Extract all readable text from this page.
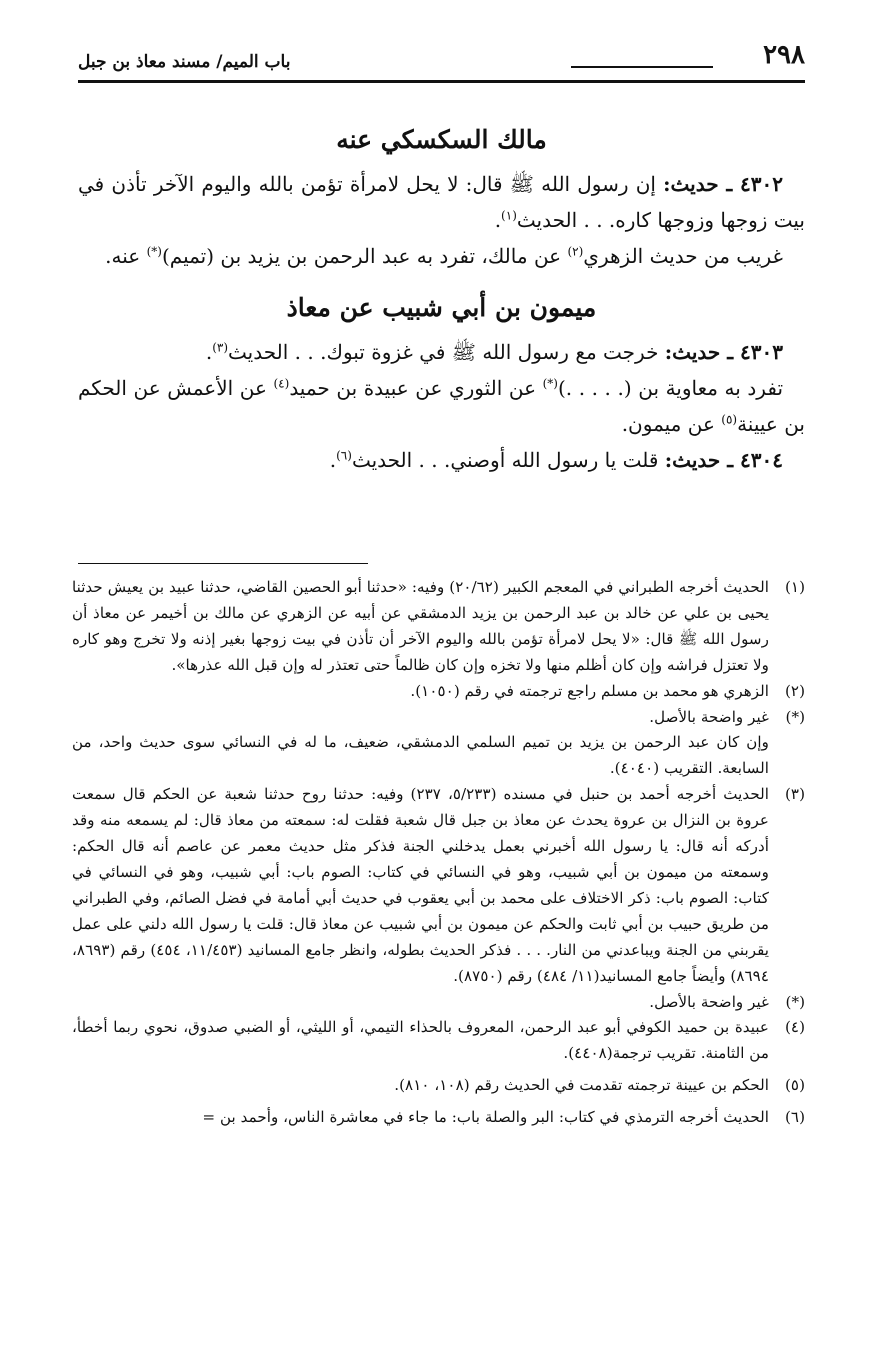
٢٩٨
باب الميم/ مسند معاذ بن جبل
مالك السكسكي عنه

٤٣٠٢ ـ حديث: إن رسول الله ﷺ قال: لا يحل لامرأة تؤمن بالله واليوم الآخر تأذن في بيت زوجها وزوجها كاره. . . الحديث$^{(١)}$.

غريب من حديث الزهري$^{(٢)}$ عن مالك، تفرد به عبد الرحمن بن يزيد بن (تميم)(*) عنه.

ميمون بن أبي شبيب عن معاذ

٤٣٠٣ ـ حديث: خرجت مع رسول الله ﷺ في غزوة تبوك. . . الحديث$^{(٣)}$.

تفرد به معاوية بن (. . . . .)(*) عن الثوري عن عبيدة بن حميد$^{(٤)}$ عن الأعمش عن الحكم بن عيينة$^{(٥)}$ عن ميمون.

٤٣٠٤ ـ حديث: قلت يا رسول الله أوصني. . . الحديث$^{(٦)}$.

(١)

الحديث أخرجه الطبراني في المعجم الكبير (٢٠/٦٢) وفيه: «حدثنا أبو الحصين القاضي، حدثنا عبيد بن يعيش حدثنا يحيى بن علي عن خالد بن عبد الرحمن بن يزيد الدمشقي عن أبيه عن الزهري عن مالك بن أخيمر عن معاذ أن رسول الله ﷺ قال: «لا يحل لامرأة تؤمن بالله واليوم الآخر أن تأذن في بيت زوجها بغير إذنه ولا تخرج وهو كاره ولا تعتزل فراشه وإن كان أظلم منها ولا تخزه وإن كان ظالماً حتى تعتذر له وإن قبل الله عذرها».

(٢)

الزهري هو محمد بن مسلم راجع ترجمته في رقم (١٠٥٠).

(*)

غير واضحة بالأصل.

وإن كان عبد الرحمن بن يزيد بن تميم السلمي الدمشقي، ضعيف، ما له في النسائي سوى حديث واحد، من السابعة. التقريب (٤٠٤٠).

(٣)

الحديث أخرجه أحمد بن حنبل في مسنده (٥/٢٣٣، ٢٣٧) وفيه: حدثنا روح حدثنا شعبة عن الحكم قال سمعت عروة بن النزال بن عروة يحدث عن معاذ بن جبل قال شعبة فقلت له: سمعته من معاذ قال: لم يسمعه منه وقد أدركه أنه قال: يا رسول الله أخبرني بعمل يدخلني الجنة فذكر مثل حديث معمر عن عاصم أنه قال الحكم: وسمعته من ميمون بن أبي شبيب، وهو في النسائي في كتاب: الصوم باب: أبي شبيب، وهو في النسائي في كتاب: الصوم باب: ذكر الاختلاف على محمد بن أبي يعقوب في حديث أبي أمامة في فضل الصائم، وفي الطبراني من طريق حبيب بن أبي ثابت والحكم عن ميمون بن أبي شبيب عن معاذ قال: قلت يا رسول الله دلني على عمل يقربني من الجنة ويباعدني من النار. . . . فذكر الحديث بطوله، وانظر جامع المسانيد (١١/٤٥٣، ٤٥٤) رقم (٨٦٩٣، ٨٦٩٤) وأيضاً جامع المسانيد(١١/ ٤٨٤) رقم (٨٧٥٠).

(*)

غير واضحة بالأصل.

(٤)

عبيدة بن حميد الكوفي أبو عبد الرحمن، المعروف بالحذاء التيمي، أو الليثي، أو الضبي صدوق، نحوي ربما أخطأ، من الثامنة. تقريب ترجمة(٤٤٠٨).

(٥)

الحكم بن عيينة ترجمته تقدمت في الحديث رقم (١٠٨، ٨١٠).

(٦)

الحديث أخرجه الترمذي في كتاب: البر والصلة باب: ما جاء في معاشرة الناس، وأحمد بن =
